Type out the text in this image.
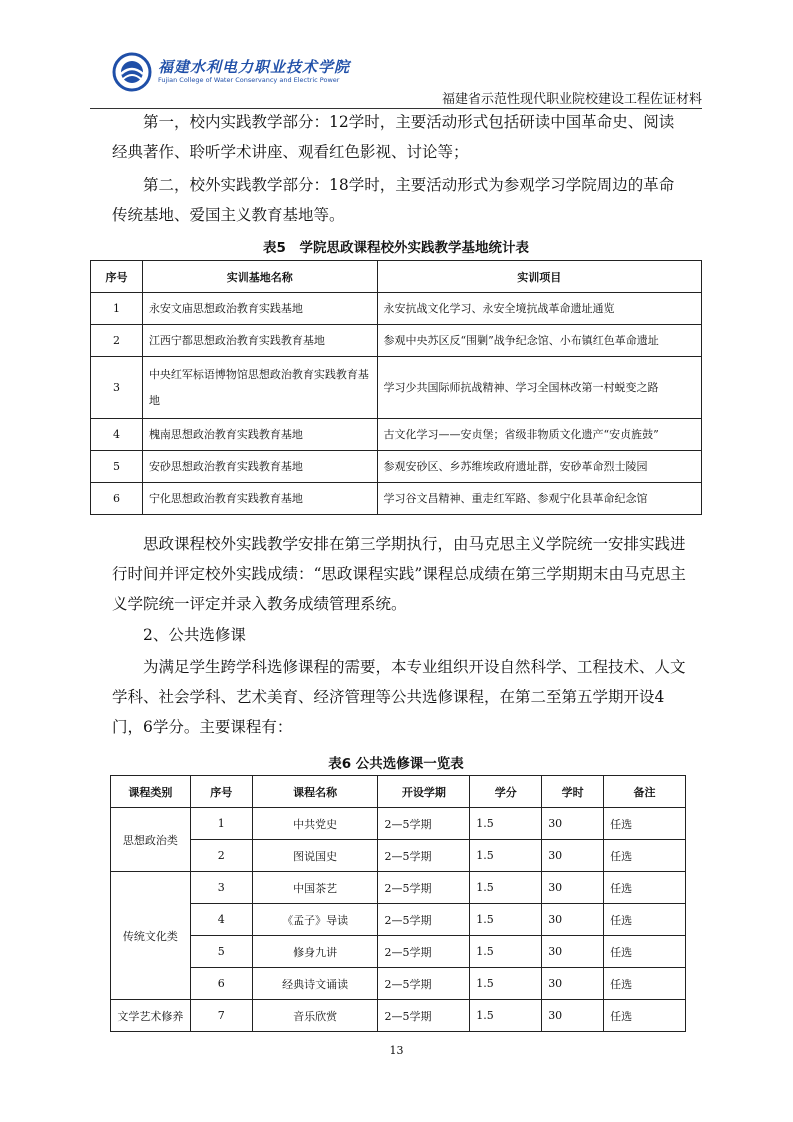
福建水利电力职业技术学院
Fujian College of Water Conservancy and Electric Power
福建省示范性现代职业院校建设工程佐证材料

第一，校内实践教学部分：12学时，主要活动形式包括研读中国革命史、阅读经典著作、聆听学术讲座、观看红色影视、讨论等；

第二，校外实践教学部分：18学时，主要活动形式为参观学习学院周边的革命传统基地、爱国主义教育基地等。

表5　学院思政课程校外实践教学基地统计表
序号	实训基地名称	实训项目
1	永安文庙思想政治教育实践基地	永安抗战文化学习、永安全境抗战革命遗址通览
2	江西宁都思想政治教育实践教育基地	参观中央苏区反“围剿”战争纪念馆、小布镇红色革命遗址
3	中央红军标语博物馆思想政治教育实践教育基地	学习少共国际师抗战精神、学习全国林改第一村蜕变之路
4	槐南思想政治教育实践教育基地	古文化学习——安贞堡；省级非物质文化遗产“安贞旌鼓”
5	安砂思想政治教育实践教育基地	参观安砂区、乡苏维埃政府遗址群，安砂革命烈士陵园
6	宁化思想政治教育实践教育基地	学习谷文昌精神、重走红军路、参观宁化县革命纪念馆

思政课程校外实践教学安排在第三学期执行，由马克思主义学院统一安排实践进行时间并评定校外实践成绩：“思政课程实践”课程总成绩在第三学期期末由马克思主义学院统一评定并录入教务成绩管理系统。

2、公共选修课

为满足学生跨学科选修课程的需要，本专业组织开设自然科学、工程技术、人文学科、社会学科、艺术美育、经济管理等公共选修课程，在第二至第五学期开设4门，6学分。主要课程有：

表6 公共选修课一览表
课程类别	序号	课程名称	开设学期	学分	学时	备注
思想政治类	1	中共党史	2—5学期	1.5	30	任选
	2	图说国史	2—5学期	1.5	30	任选
传统文化类	3	中国茶艺	2—5学期	1.5	30	任选
	4	《孟子》导读	2—5学期	1.5	30	任选
	5	修身九讲	2—5学期	1.5	30	任选
	6	经典诗文诵读	2—5学期	1.5	30	任选
文学艺术修养	7	音乐欣赏	2—5学期	1.5	30	任选
13
